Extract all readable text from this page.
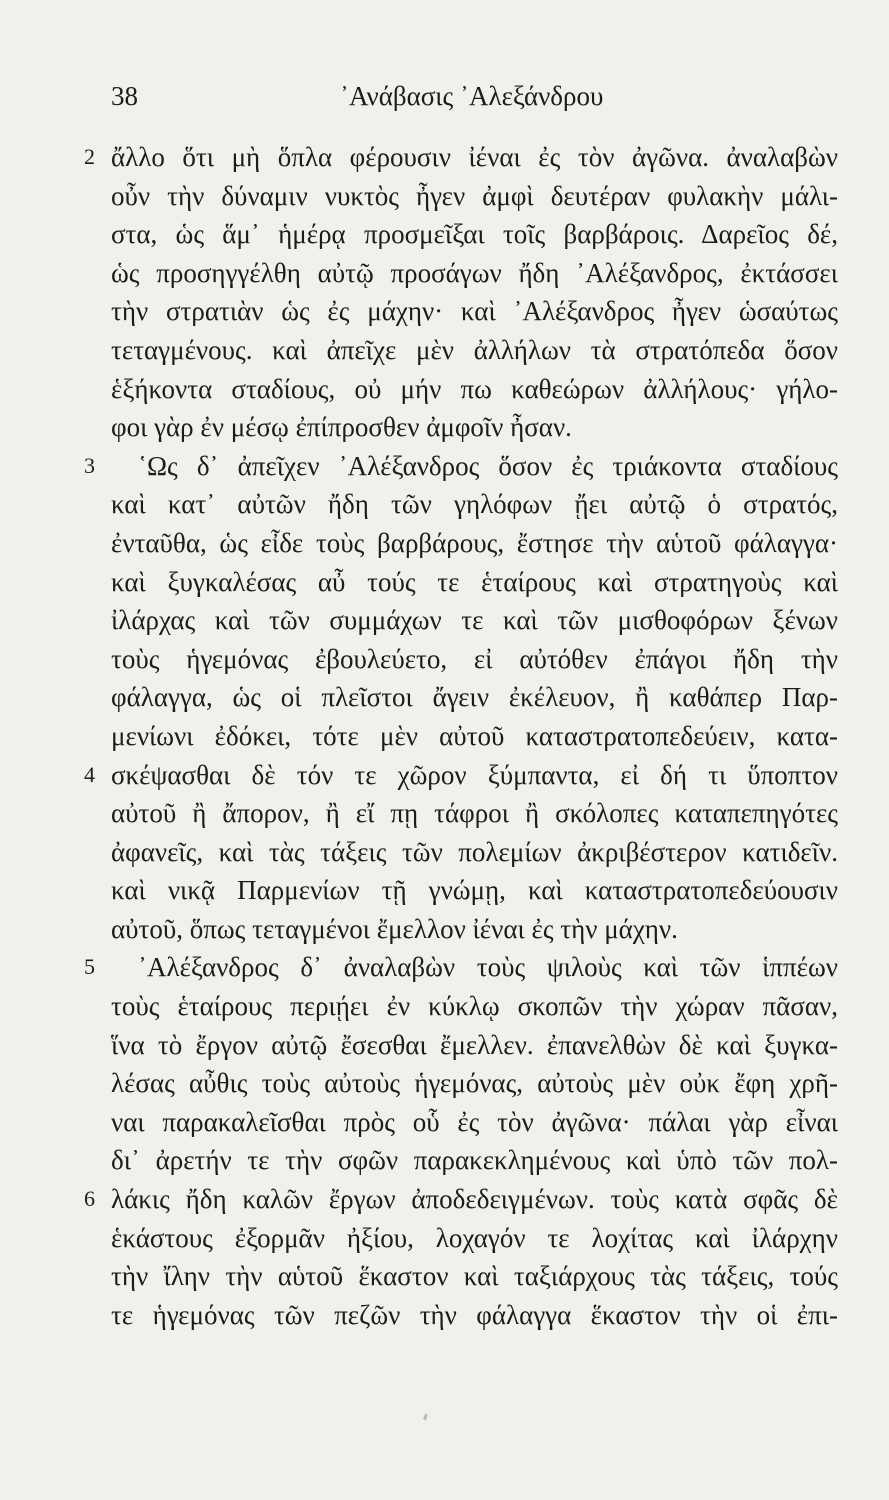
38	᾿Ανάβασις ᾿Αλεξάνδρου
2 ἄλλο ὅτι μὴ ὅπλα φέρουσιν ἰέναι ἐς τὸν ἀγῶνα. ἀναλαβὼν
οὖν τὴν δύναμιν νυκτὸς ἦγεν ἀμφὶ δευτέραν φυλακὴν μάλι-
στα, ὡς ἅμ᾿ ἡμέρᾳ προσμεῖξαι τοῖς βαρβάροις. Δαρεῖος δέ,
ὡς προσηγγέλθη αὐτῷ προσάγων ἤδη ᾿Αλέξανδρος, ἐκτάσσει
τὴν στρατιὰν ὡς ἐς μάχην· καὶ ᾿Αλέξανδρος ἦγεν ὡσαύτως
τεταγμένους. καὶ ἀπεῖχε μὲν ἀλλήλων τὰ στρατόπεδα ὅσον
ἑξήκοντα σταδίους, οὐ μήν πω καθεώρων ἀλλήλους· γήλο-
φοι γὰρ ἐν μέσῳ ἐπίπροσθεν ἀμφοῖν ἦσαν.
3	῾Ως δ᾿ ἀπεῖχεν ᾿Αλέξανδρος ὅσον ἐς τριάκοντα σταδίους
καὶ κατ᾿ αὐτῶν ἤδη τῶν γηλόφων ᾔει αὐτῷ ὁ στρατός,
ἐνταῦθα, ὡς εἶδε τοὺς βαρβάρους, ἔστησε τὴν αὑτοῦ φάλαγγα·
καὶ ξυγκαλέσας αὖ τούς τε ἑταίρους καὶ στρατηγοὺς καὶ
ἰλάρχας καὶ τῶν συμμάχων τε καὶ τῶν μισθοφόρων ξένων
τοὺς ἡγεμόνας ἐβουλεύετο, εἰ αὐτόθεν ἐπάγοι ἤδη τὴν
φάλαγγα, ὡς οἱ πλεῖστοι ἄγειν ἐκέλευον, ἢ καθάπερ Παρ-
μενίωνι ἐδόκει, τότε μὲν αὐτοῦ καταστρατοπεδεύειν, κατα-
4 σκέψασθαι δὲ τόν τε χῶρον ξύμπαντα, εἰ δή τι ὕποπτον
αὐτοῦ ἢ ἄπορον, ἢ εἴ πῃ τάφροι ἢ σκόλοπες καταπεπηγότες
ἀφανεῖς, καὶ τὰς τάξεις τῶν πολεμίων ἀκριβέστερον κατιδεῖν.
καὶ νικᾷ Παρμενίων τῇ γνώμῃ, καὶ καταστρατοπεδεύουσιν
αὐτοῦ, ὅπως τεταγμένοι ἔμελλον ἰέναι ἐς τὴν μάχην.
5	᾿Αλέξανδρος δ᾿ ἀναλαβὼν τοὺς ψιλοὺς καὶ τῶν ἱππέων
τοὺς ἑταίρους περιῄει ἐν κύκλῳ σκοπῶν τὴν χώραν πᾶσαν,
ἵνα τὸ ἔργον αὐτῷ ἔσεσθαι ἔμελλεν. ἐπανελθὼν δὲ καὶ ξυγκα-
λέσας αὖθις τοὺς αὐτοὺς ἡγεμόνας, αὐτοὺς μὲν οὐκ ἔφη χρῆ-
ναι παρακαλεῖσθαι πρὸς οὗ ἐς τὸν ἀγῶνα· πάλαι γὰρ εἶναι
δι᾿ ἀρετήν τε τὴν σφῶν παρακεκλημένους καὶ ὑπὸ τῶν πολ-
6 λάκις ἤδη καλῶν ἔργων ἀποδεδειγμένων. τοὺς κατὰ σφᾶς δὲ
ἑκάστους ἐξορμᾶν ἠξίου, λοχαγόν τε λοχίτας καὶ ἰλάρχην
τὴν ἴλην τὴν αὑτοῦ ἕκαστον καὶ ταξιάρχους τὰς τάξεις, τούς
τε ἡγεμόνας τῶν πεζῶν τὴν φάλαγγα ἕκαστον τὴν οἱ ἐπι-
